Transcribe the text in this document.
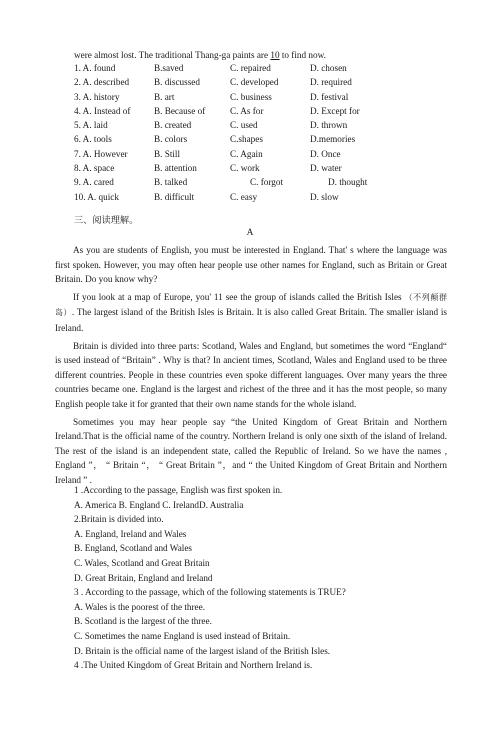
were almost lost. The traditional Thang-ga paints are 10 to find now.
1. A. found	B.saved	C. repaired	D. chosen
2. A. described	B. discussed	C. developed	D. required
3. A. history	B. art	C. business	D. festival
4. A. Instead of	B. Because of	C. As for	D. Except for
5. A. laid	B. created	C. used	D. thrown
6. A. tools	B. colors	C.shapes	D.memories
7. A. However	B. Still	C. Again	D. Once
8. A. space	B. attention	C. work	D. water
9. A. cared	B. talked	C. forgot	D. thought
10. A. quick	B. difficult	C. easy	D. slow
三、阅读理解。
A

As you are students of English, you must be interested in England. That' s where the language was first spoken. However, you may often hear people use other names for England, such as Britain or Great Britain. Do you know why?

If you look at a map of Europe, you' 11 see the group of islands called the British Isles （不列颠群岛）. The largest island of the British Isles is Britain. It is also called Great Britain. The smaller island is Ireland.

Britain is divided into three parts: Scotland, Wales and England, but sometimes the word “England“ is used instead of “Britain” . Why is that? In ancient times, Scotland, Wales and England used to be three different countries. People in these countries even spoke different languages. Over many years the three countries became one. England is the largest and richest of the three and it has the most people, so many English people take it for granted that their own name stands for the whole island.

Sometimes you may hear people say “the United Kingdom of Great Britain and Northern Ireland.That is the official name of the country. Northern Ireland is only one sixth of the island of Ireland. The rest of the island is an independent state, called the Republic of Ireland. So we have the names , England ”， “ Britain “， “ Great Britain ”，and “ the United Kingdom of Great Britain and Northern Ireland ” .

1 .According to the passage, English was first spoken in.
A. America B. England C. IrelandD. Australia
2.Britain is divided into.
A. England, Ireland and Wales
B. England, Scotland and Wales
C. Wales, Scotland and Great Britain
D. Great Britain, England and Ireland
3 . According to the passage, which of the following statements is TRUE?
A. Wales is the poorest of the three.
B. Scotland is the largest of the three.
C. Sometimes the name England is used instead of Britain.
D. Britain is the official name of the largest island of the British Isles.
4 .The United Kingdom of Great Britain and Northern Ireland is.
